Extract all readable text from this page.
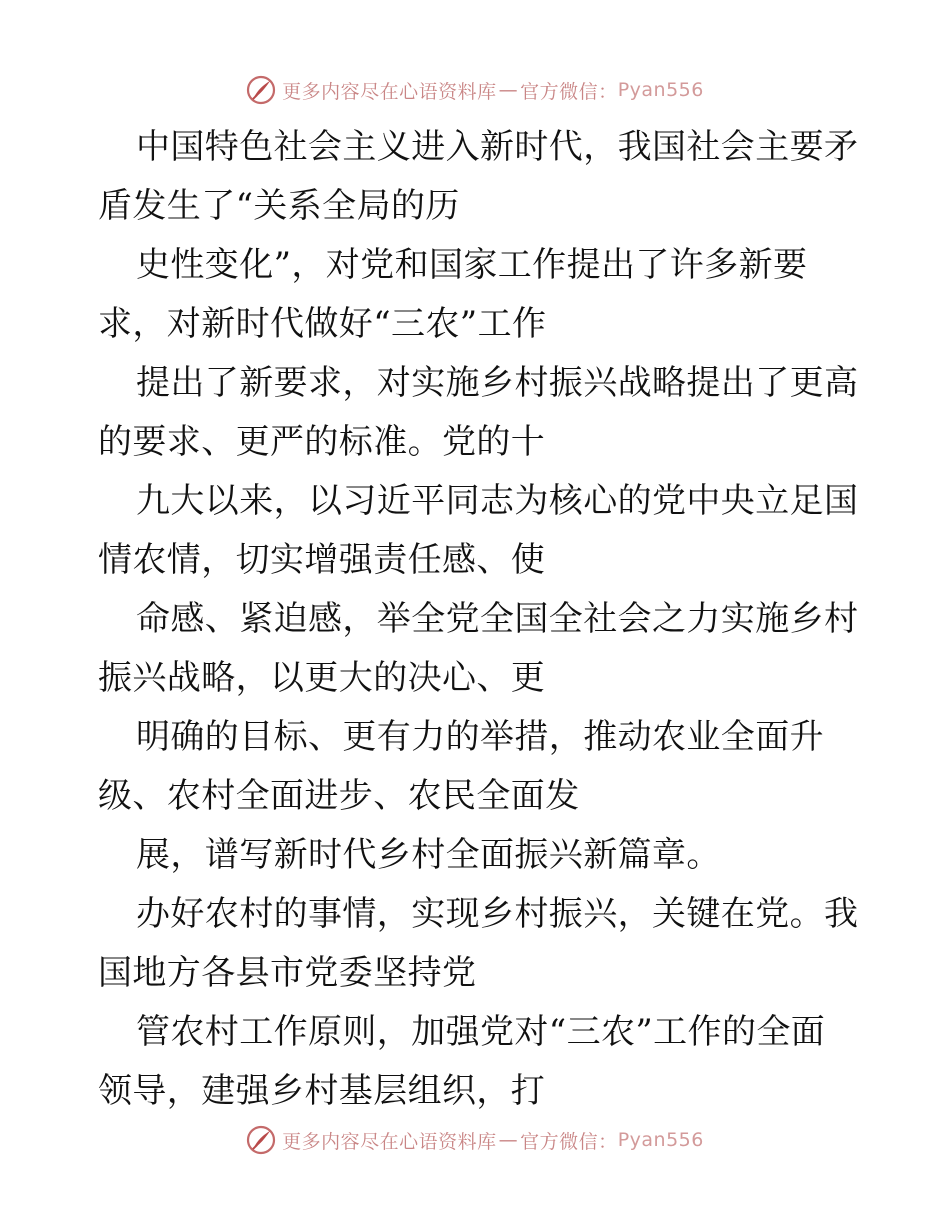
更多内容尽在心语资料库 — 官方微信： Pyan556
中国特色社会主义进入新时代，我国社会主要矛
盾发生了“关系全局的历
史性变化”，对党和国家工作提出了许多新要
求，对新时代做好“三农”工作
提出了新要求，对实施乡村振兴战略提出了更高
的要求、更严的标准。党的十
九大以来，以习近平同志为核心的党中央立足国
情农情，切实增强责任感、使
命感、紧迫感，举全党全国全社会之力实施乡村
振兴战略，以更大的决心、更
明确的目标、更有力的举措，推动农业全面升
级、农村全面进步、农民全面发
展，谱写新时代乡村全面振兴新篇章。
办好农村的事情，实现乡村振兴，关键在党。我
国地方各县市党委坚持党
管农村工作原则，加强党对“三农”工作的全面
领导，建强乡村基层组织，打
更多内容尽在心语资料库 — 官方微信： Pyan556
